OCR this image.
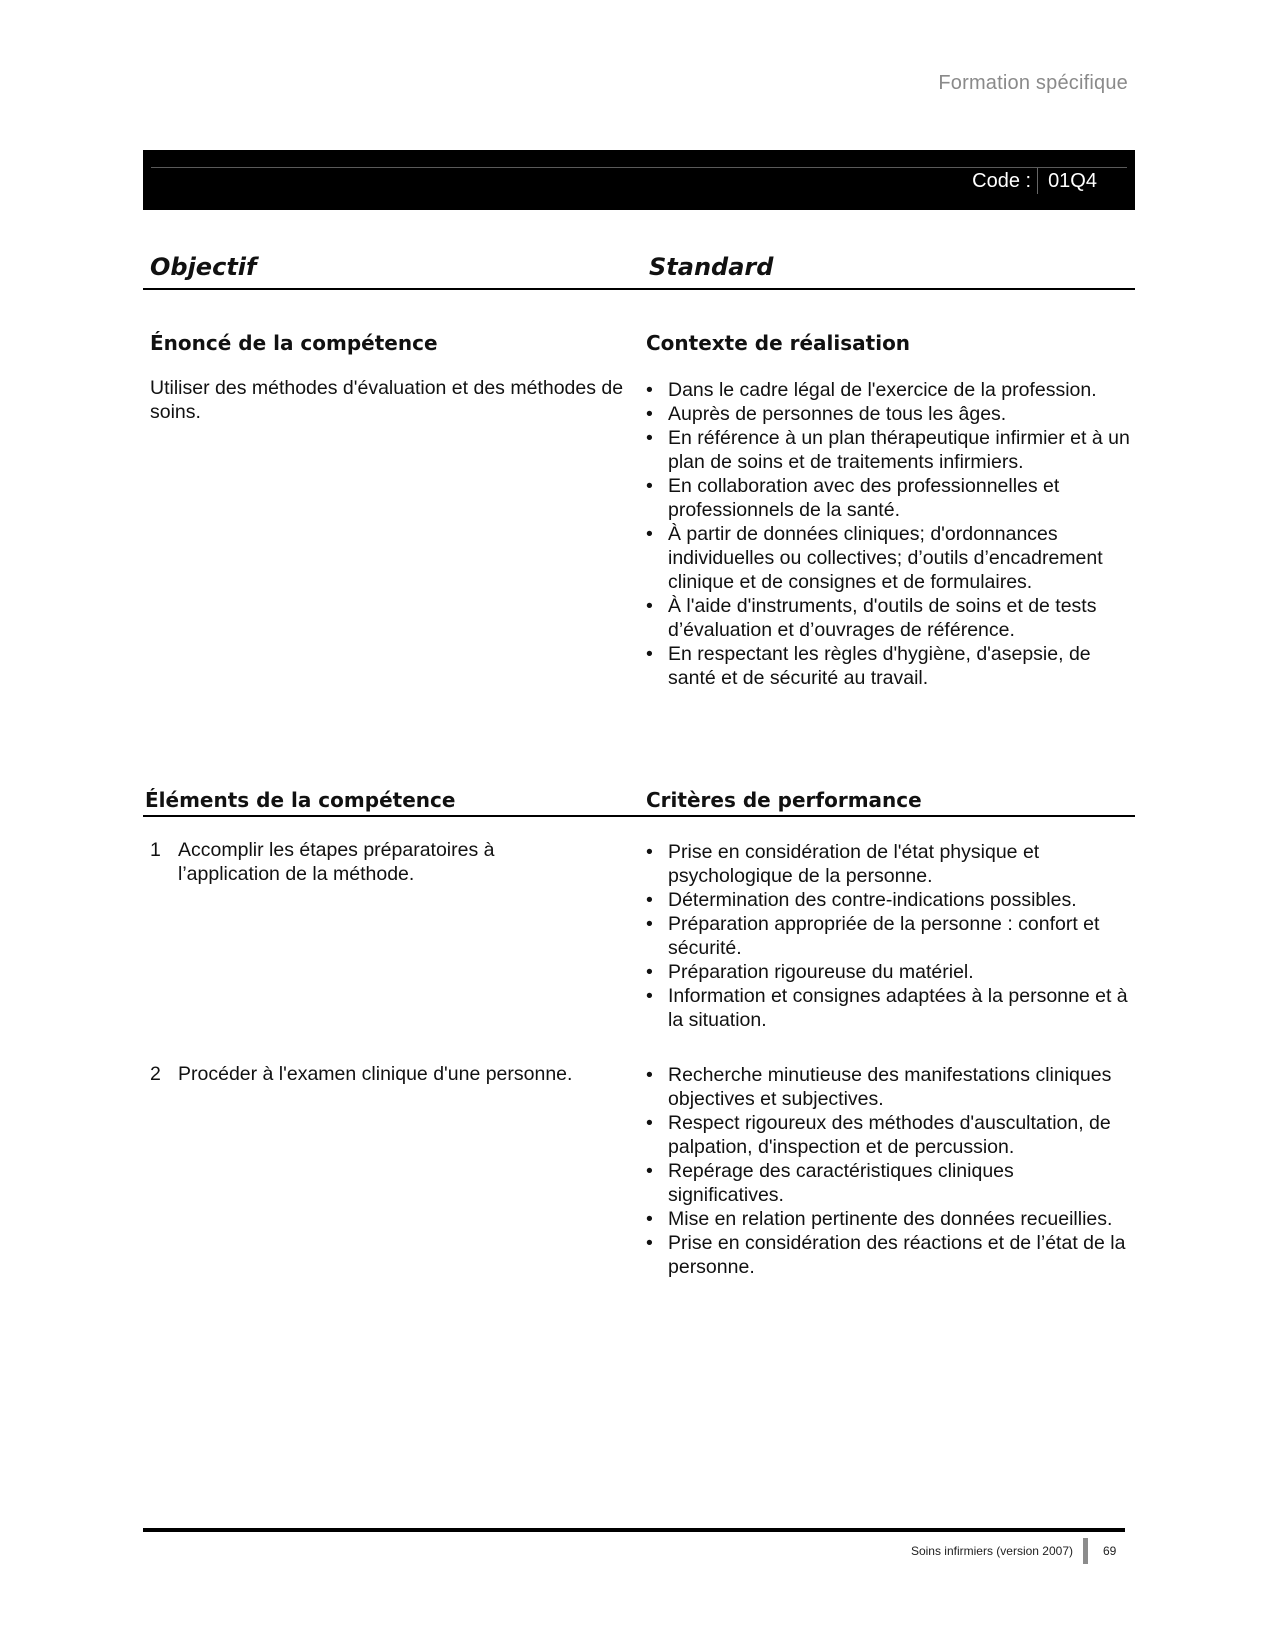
Formation spécifique
Code : 01Q4
Objectif	Standard
Énoncé de la compétence	Contexte de réalisation
Utiliser des méthodes d'évaluation et des méthodes de soins.
• Dans le cadre légal de l'exercice de la profession.
• Auprès de personnes de tous les âges.
• En référence à un plan thérapeutique infirmier et à un plan de soins et de traitements infirmiers.
• En collaboration avec des professionnelles et professionnels de la santé.
• À partir de données cliniques; d'ordonnances individuelles ou collectives; d’outils d’encadrement clinique et de consignes et de formulaires.
• À l'aide d'instruments, d'outils de soins et de tests d’évaluation et d’ouvrages de référence.
• En respectant les règles d'hygiène, d'asepsie, de santé et de sécurité au travail.
Éléments de la compétence	Critères de performance
1 Accomplir les étapes préparatoires à l’application de la méthode.
• Prise en considération de l'état physique et psychologique de la personne.
• Détermination des contre-indications possibles.
• Préparation appropriée de la personne : confort et sécurité.
• Préparation rigoureuse du matériel.
• Information et consignes adaptées à la personne et à la situation.
2 Procéder à l'examen clinique d'une personne.
•	Recherche minutieuse des manifestations cliniques objectives et subjectives.
• Respect rigoureux des méthodes d'auscultation, de palpation, d'inspection et de percussion.
• Repérage des caractéristiques cliniques significatives.
• Mise en relation pertinente des données recueillies.
• Prise en considération des réactions et de l’état de la personne.
Soins infirmiers (version 2007)	69
